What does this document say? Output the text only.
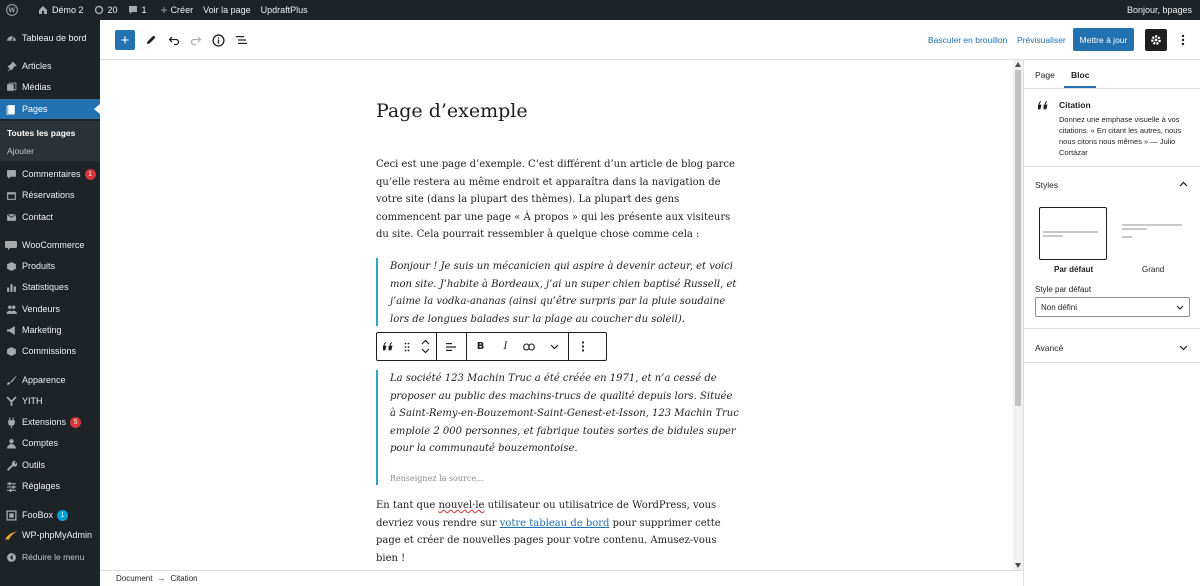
W	Démo 2	20	1 + Créer	Voir la page	UpdraftPlus	Bonjour, bpages
Tableau de bord
Articles
Médias
Pages
Toutes les pages
Ajouter
Commentaires	1
Réservations
Contact
WooCommerce
Produits
Statistiques
Vendeurs
Marketing
Commissions
Apparence
YITH
Extensions	5
Comptes
Outils
Réglages
FooBox	1
WP-phpMyAdmin
Réduire le menu
+	Basculer en brouillon Prévisualiser	Mettre à jour
Page d’exemple

Ceci est une page d’exemple. C’est différent d’un article de blog parce qu’elle restera au même endroit et apparaîtra dans la navigation de votre site (dans la plupart des thèmes). La plupart des gens commencent par une page « À propos » qui les présente aux visiteurs du site. Cela pourrait ressembler à quelque chose comme cela :

Bonjour ! Je suis un mécanicien qui aspire à devenir acteur, et voici mon site. J’habite à Bordeaux, j’ai un super chien baptisé Russell, et j’aime la vodka-ananas (ainsi qu’être surpris par la pluie soudaine lors de longues balades sur la plage au coucher du soleil).

B	I

La société 123 Machin Truc a été créée en 1971, et n’a cessé de proposer au public des machins-trucs de qualité depuis lors. Située à Saint-Remy-en-Bouzemont-Saint-Genest-et-Isson, 123 Machin Truc emploie 2 000 personnes, et fabrique toutes sortes de bidules super pour la communauté bouzemontoise.

Renseignez la source…

En tant que nouvel·le utilisateur ou utilisatrice de WordPress, vous devriez vous rendre sur votre tableau de bord pour supprimer cette page et créer de nouvelles pages pour votre contenu. Amusez-vous bien !

Page Bloc
Citation
Donnez une emphase visuelle à vos citations. « En citant les autres, nous nous citons nous mêmes » — Julio Cortázar
Styles
Par défaut	Grand
Style par défaut
Non défini
Avancé
Document → Citation
